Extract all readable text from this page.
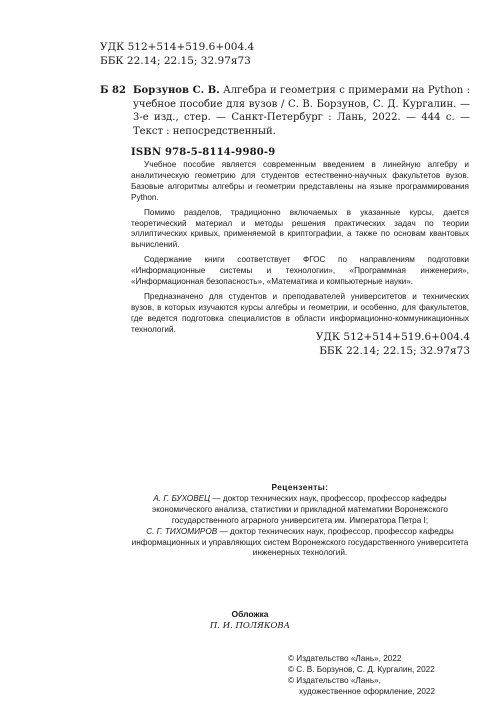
УДК 512+514+519.6+004.4
ББК 22.14; 22.15; 32.97я73
Б 82 Борзунов С. В. Алгебра и геометрия с примерами на Python : учебное пособие для вузов / С. В. Борзунов, С. Д. Кургалин. — 3-е изд., стер. — Санкт-Петербург : Лань, 2022. — 444 с. — Текст : непосредственный.
ISBN 978-5-8114-9980-9

Учебное пособие является современным введением в линейную алгебру и аналитическую геометрию для студентов естественно-научных факультетов вузов. Базовые алгоритмы алгебры и геометрии представлены на языке программирования Python.

Помимо разделов, традиционно включаемых в указанные курсы, дается теоретический материал и методы решения практических задач по теории эллиптических кривых, применяемой в криптографии, а также по основам квантовых вычислений.

Содержание книги соответствует ФГОС по направлениям подготовки «Информационные системы и технологии», «Программная инженерия», «Информационная безопасность», «Математика и компьютерные науки».

Предназначено для студентов и преподавателей университетов и технических вузов, в которых изучаются курсы алгебры и геометрии, и особенно, для факультетов, где ведется подготовка специалистов в области информационно-коммуникационных технологий.

УДК 512+514+519.6+004.4
ББК 22.14; 22.15; 32.97я73
Рецензенты:

А. Г. БУХОВЕЦ — доктор технических наук, профессор, профессор кафедры экономического анализа, статистики и прикладной математики Воронежского государственного аграрного университета им. Императора Петра I;

С. Г. ТИХОМИРОВ — доктор технических наук, профессор, профессор кафедры информационных и управляющих систем Воронежского государственного университета инженерных технологий.

Обложка
П. И. ПОЛЯКОВА
© Издательство «Лань», 2022
© С. В. Борзунов, С. Д. Кургалин, 2022
© Издательство «Лань»,
художественное оформление, 2022
